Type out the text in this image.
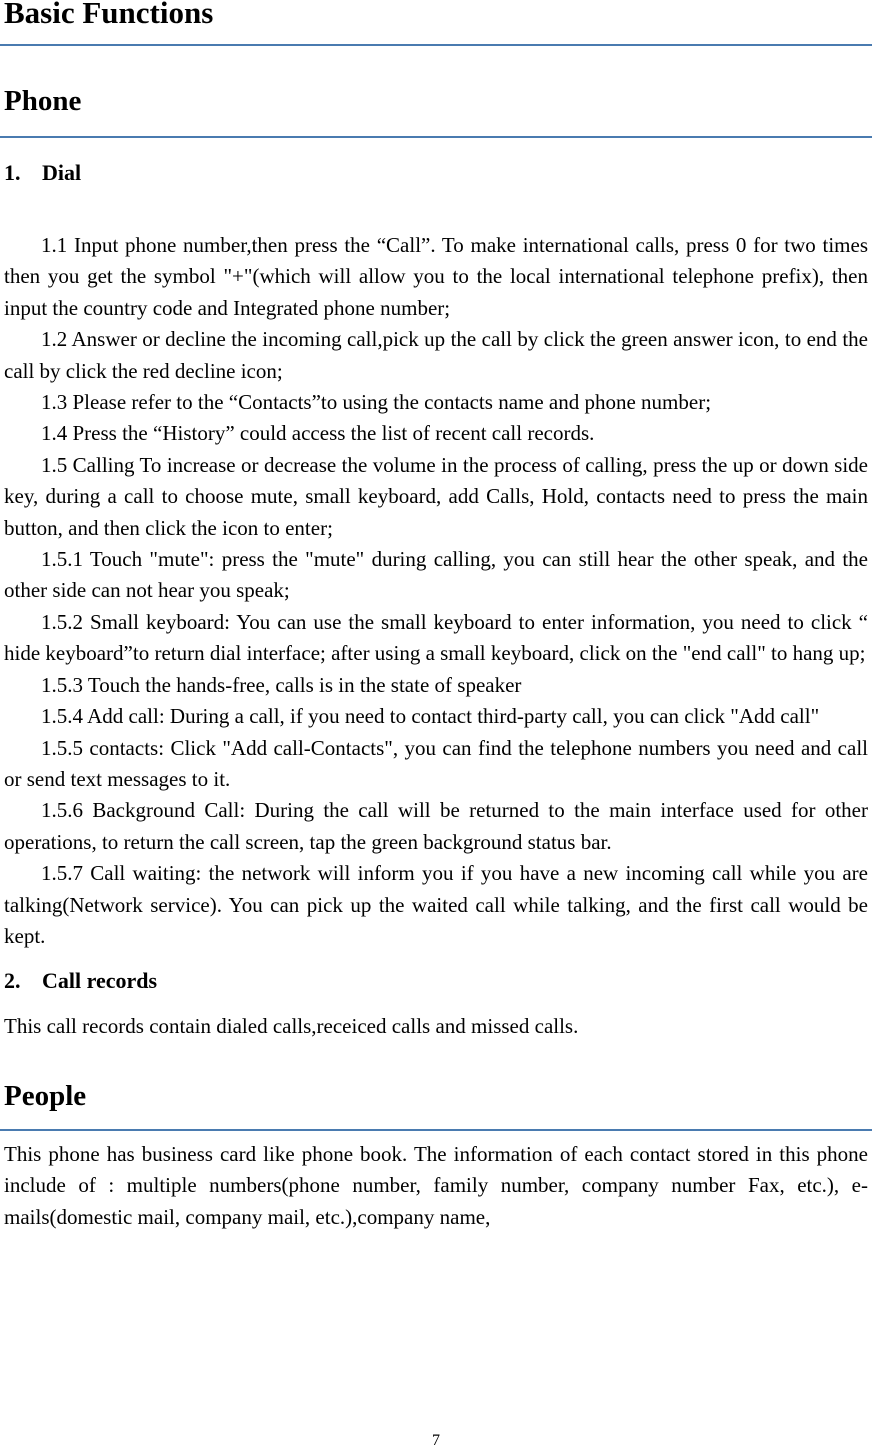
Basic Functions
Phone
1. Dial

1.1 Input phone number,then press the “Call”. To make international calls, press 0 for two times then you get the symbol "+"(which will allow you to the local international telephone prefix), then input the country code and Integrated phone number;

1.2 Answer or decline the incoming call,pick up the call by click the green answer icon, to end the call by click the red decline icon;

1.3 Please refer to the “Contacts”to using the contacts name and phone number;

1.4 Press the “History” could access the list of recent call records.

1.5 Calling To increase or decrease the volume in the process of calling, press the up or down side key, during a call to choose mute, small keyboard, add Calls, Hold, contacts need to press the main button, and then click the icon to enter;

1.5.1 Touch "mute": press the "mute" during calling, you can still hear the other speak, and the other side can not hear you speak;

1.5.2 Small keyboard: You can use the small keyboard to enter information, you need to click “ hide keyboard”to return dial interface; after using a small keyboard, click on the "end call" to hang up;

1.5.3 Touch the hands-free, calls is in the state of speaker

1.5.4 Add call: During a call, if you need to contact third-party call, you can click "Add call"

1.5.5 contacts: Click "Add call-Contacts", you can find the telephone numbers you need and call or send text messages to it.

1.5.6 Background Call: During the call will be returned to the main interface used for other operations, to return the call screen, tap the green background status bar.

1.5.7 Call waiting: the network will inform you if you have a new incoming call while you are talking(Network service). You can pick up the waited call while talking, and the first call would be kept.

2. Call records

This call records contain dialed calls,receiced calls and missed calls.

People

This phone has business card like phone book. The information of each contact stored in this phone include of : multiple numbers(phone number, family number, company number Fax, etc.), e-mails(domestic mail, company mail, etc.),company name,

7
